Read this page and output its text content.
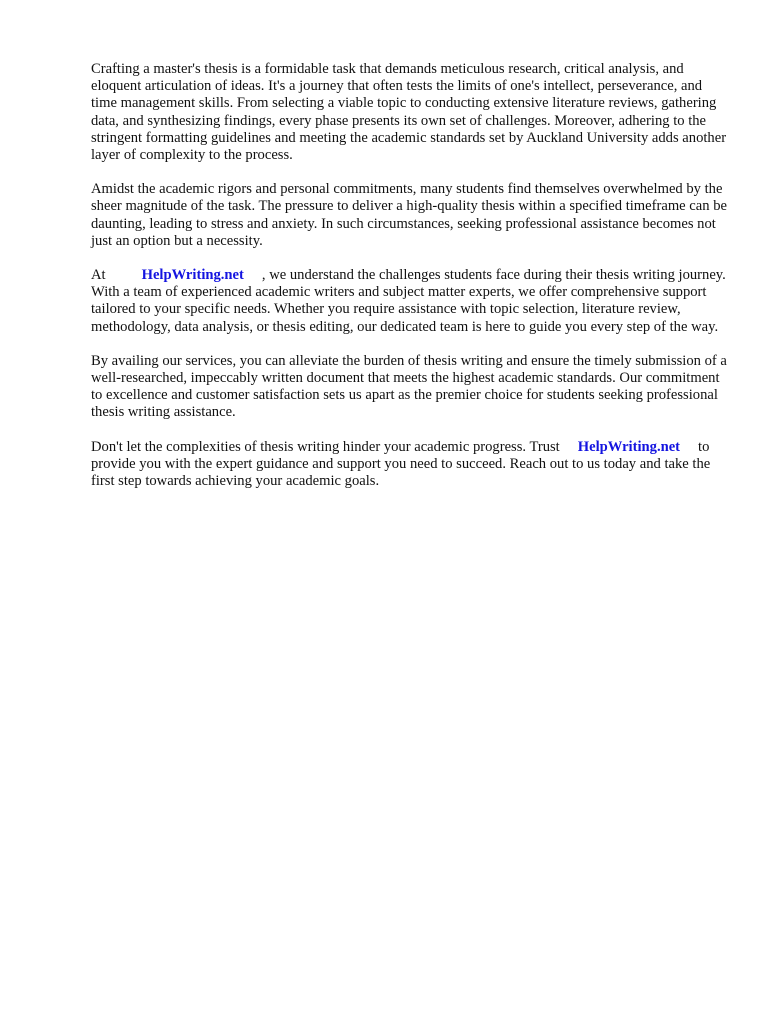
Crafting a master's thesis is a formidable task that demands meticulous research, critical analysis, and eloquent articulation of ideas. It's a journey that often tests the limits of one's intellect, perseverance, and time management skills. From selecting a viable topic to conducting extensive literature reviews, gathering data, and synthesizing findings, every phase presents its own set of challenges. Moreover, adhering to the stringent formatting guidelines and meeting the academic standards set by Auckland University adds another layer of complexity to the process.

Amidst the academic rigors and personal commitments, many students find themselves overwhelmed by the sheer magnitude of the task. The pressure to deliver a high-quality thesis within a specified timeframe can be daunting, leading to stress and anxiety. In such circumstances, seeking professional assistance becomes not just an option but a necessity.

At HelpWriting.net , we understand the challenges students face during their thesis writing journey. With a team of experienced academic writers and subject matter experts, we offer comprehensive support tailored to your specific needs. Whether you require assistance with topic selection, literature review, methodology, data analysis, or thesis editing, our dedicated team is here to guide you every step of the way.

By availing our services, you can alleviate the burden of thesis writing and ensure the timely submission of a well-researched, impeccably written document that meets the highest academic standards. Our commitment to excellence and customer satisfaction sets us apart as the premier choice for students seeking professional thesis writing assistance.

Don't let the complexities of thesis writing hinder your academic progress. Trust HelpWriting.net to provide you with the expert guidance and support you need to succeed. Reach out to us today and take the first step towards achieving your academic goals.
